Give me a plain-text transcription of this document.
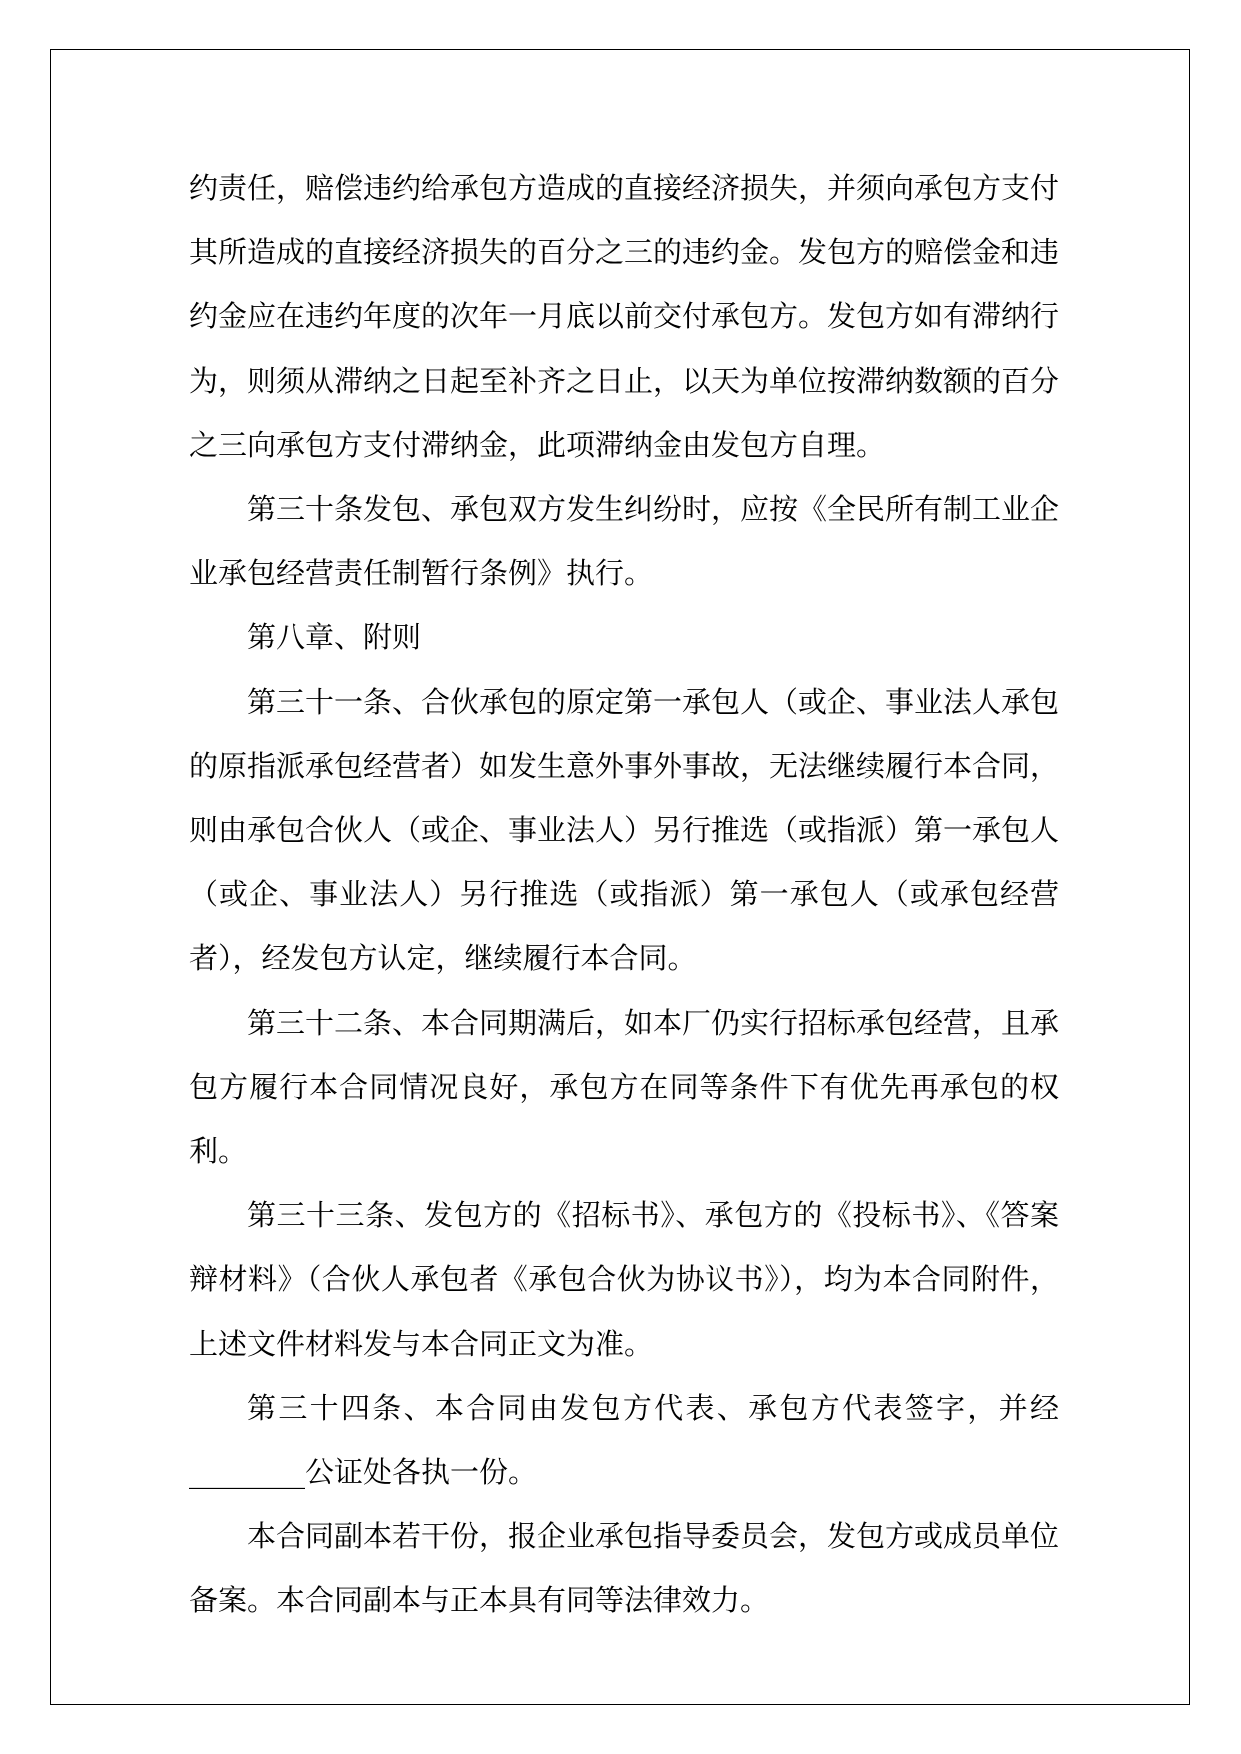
约责任，赔偿违约给承包方造成的直接经济损失，并须向承包方支付其所造成的直接经济损失的百分之三的违约金。发包方的赔偿金和违约金应在违约年度的次年一月底以前交付承包方。发包方如有滞纳行为，则须从滞纳之日起至补齐之日止，以天为单位按滞纳数额的百分之三向承包方支付滞纳金，此项滞纳金由发包方自理。

第三十条发包、承包双方发生纠纷时，应按《全民所有制工业企业承包经营责任制暂行条例》执行。

第八章、附则

第三十一条、合伙承包的原定第一承包人（或企、事业法人承包的原指派承包经营者）如发生意外事外事故，无法继续履行本合同，则由承包合伙人（或企、事业法人）另行推选（或指派）第一承包人（或企、事业法人）另行推选（或指派）第一承包人（或承包经营者），经发包方认定，继续履行本合同。

第三十二条、本合同期满后，如本厂仍实行招标承包经营，且承包方履行本合同情况良好，承包方在同等条件下有优先再承包的权利。

第三十三条、发包方的《招标书》、承包方的《投标书》、《答案辩材料》（合伙人承包者《承包合伙为协议书》），均为本合同附件，上述文件材料发与本合同正文为准。

第三十四条、本合同由发包方代表、承包方代表签字，并经________公证处各执一份。

本合同副本若干份，报企业承包指导委员会，发包方或成员单位备案。本合同副本与正本具有同等法律效力。
